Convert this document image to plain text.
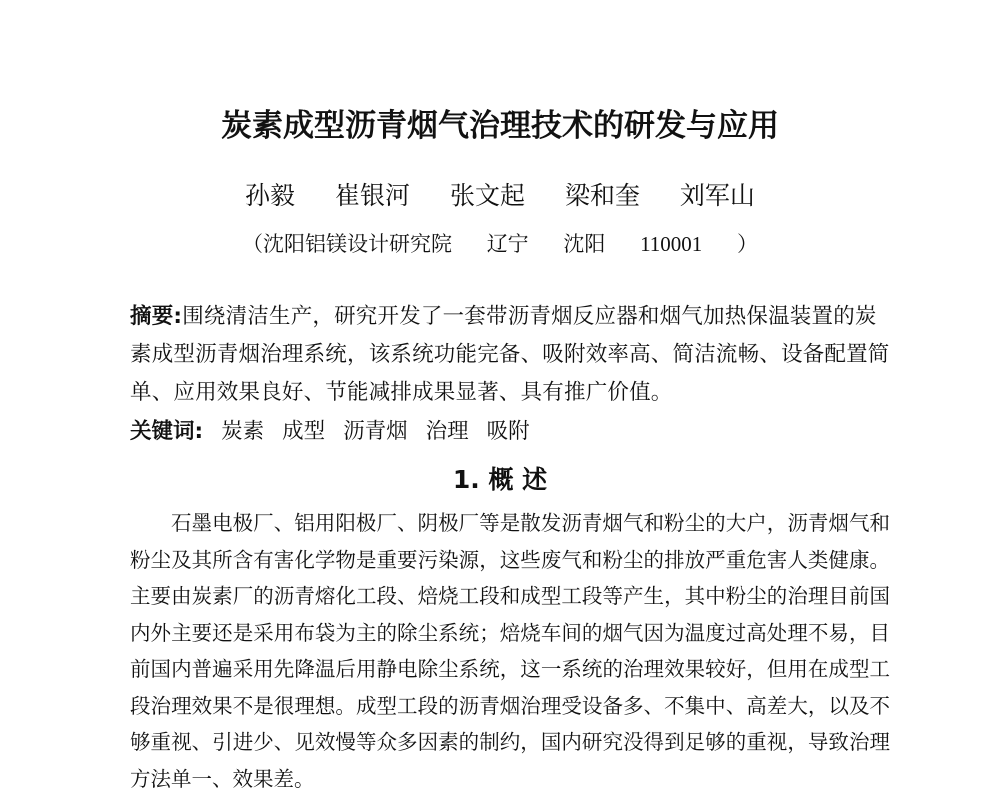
炭素成型沥青烟气治理技术的研发与应用
孙毅 崔银河 张文起 梁和奎 刘军山
（沈阳铝镁设计研究院 辽宁 沈阳 110001 ）
摘要:围绕清洁生产，研究开发了一套带沥青烟反应器和烟气加热保温装置的炭素成型沥青烟治理系统，该系统功能完备、吸附效率高、简洁流畅、设备配置简单、应用效果良好、节能减排成果显著、具有推广价值。
关键词: 炭素 成型 沥青烟 治理 吸附
1. 概 述
石墨电极厂、铝用阳极厂、阴极厂等是散发沥青烟气和粉尘的大户，沥青烟气和粉尘及其所含有害化学物是重要污染源，这些废气和粉尘的排放严重危害人类健康。主要由炭素厂的沥青熔化工段、焙烧工段和成型工段等产生，其中粉尘的治理目前国内外主要还是采用布袋为主的除尘系统；焙烧车间的烟气因为温度过高处理不易，目前国内普遍采用先降温后用静电除尘系统，这一系统的治理效果较好，但用在成型工段治理效果不是很理想。成型工段的沥青烟治理受设备多、不集中、高差大，以及不够重视、引进少、见效慢等众多因素的制约，国内研究没得到足够的重视，导致治理方法单一、效果差。
